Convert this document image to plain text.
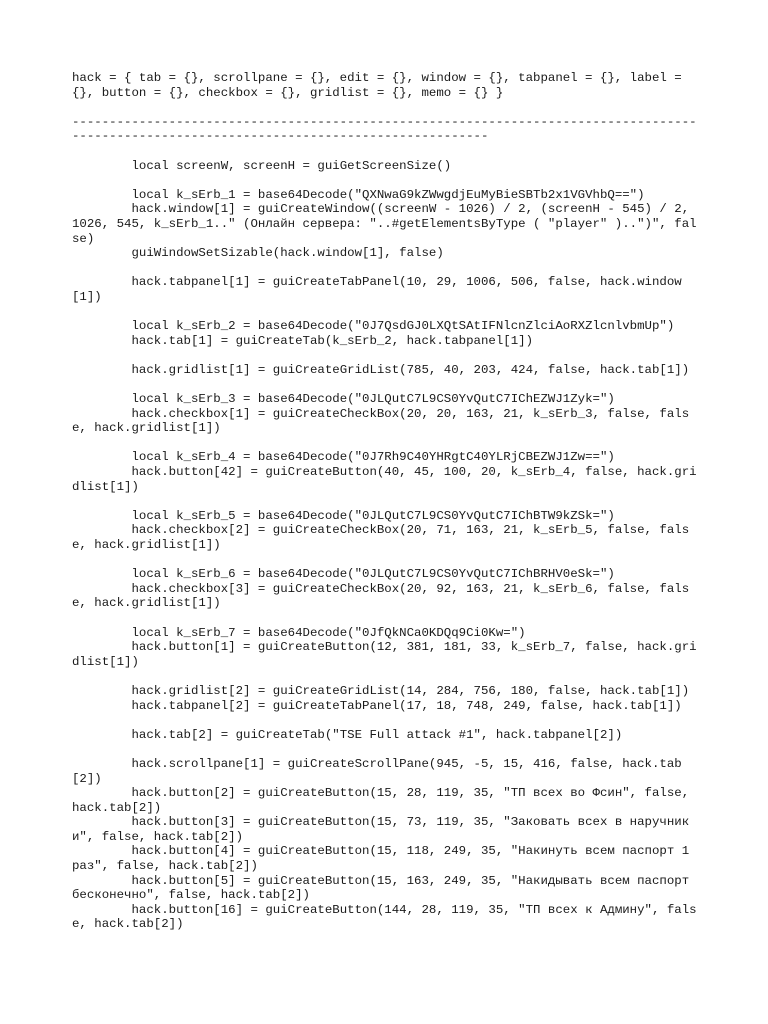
hack = { tab = {}, scrollpane = {}, edit = {}, window = {}, tabpanel = {}, label = {}, button = {}, checkbox = {}, gridlist = {}, memo = {} }

--------------------------------------------------------------------------------------------------------------------------------------------

	local screenW, screenH = guiGetScreenSize()

	local k_sErb_1 = base64Decode("QXNwaG9kZWwgdjEuMyBieSBTb2x1VGVhbQ==")
	hack.window[1] = guiCreateWindow((screenW - 1026) / 2, (screenH - 545) / 2, 1026, 545, k_sErb_1.." (Онлайн сервера: "..#getElementsByType ( "player" )..")", false)
	guiWindowSetSizable(hack.window[1], false)

	hack.tabpanel[1] = guiCreateTabPanel(10, 29, 1006, 506, false, hack.window[1])

	local k_sErb_2 = base64Decode("0J7QsdGJ0LXQtSAtIFNlcnZlciAoRXZlcnlvbmUp")
	hack.tab[1] = guiCreateTab(k_sErb_2, hack.tabpanel[1])

	hack.gridlist[1] = guiCreateGridList(785, 40, 203, 424, false, hack.tab[1])

	local k_sErb_3 = base64Decode("0JLQutC7L9CS0YvQutC7IChEZWJ1Zyk=")
	hack.checkbox[1] = guiCreateCheckBox(20, 20, 163, 21, k_sErb_3, false, false, hack.gridlist[1])

	local k_sErb_4 = base64Decode("0J7Rh9C40YHRgtC40YLRjCBEZWJ1Zw==")
	hack.button[42] = guiCreateButton(40, 45, 100, 20, k_sErb_4, false, hack.gridlist[1])

	local k_sErb_5 = base64Decode("0JLQutC7L9CS0YvQutC7IChBTW9kZSk=")
	hack.checkbox[2] = guiCreateCheckBox(20, 71, 163, 21, k_sErb_5, false, false, hack.gridlist[1])

	local k_sErb_6 = base64Decode("0JLQutC7L9CS0YvQutC7IChBRHV0eSk=")
	hack.checkbox[3] = guiCreateCheckBox(20, 92, 163, 21, k_sErb_6, false, false, hack.gridlist[1])

	local k_sErb_7 = base64Decode("0JfQkNCa0KDQq9Ci0Kw=")
	hack.button[1] = guiCreateButton(12, 381, 181, 33, k_sErb_7, false, hack.gridlist[1])

	hack.gridlist[2] = guiCreateGridList(14, 284, 756, 180, false, hack.tab[1])
	hack.tabpanel[2] = guiCreateTabPanel(17, 18, 748, 249, false, hack.tab[1])

	hack.tab[2] = guiCreateTab("TSE Full attack #1", hack.tabpanel[2])

	hack.scrollpane[1] = guiCreateScrollPane(945, -5, 15, 416, false, hack.tab[2])
	hack.button[2] = guiCreateButton(15, 28, 119, 35, "ТП всех во Фсин", false, hack.tab[2])
	hack.button[3] = guiCreateButton(15, 73, 119, 35, "Заковать всех в наручники", false, hack.tab[2])
	hack.button[4] = guiCreateButton(15, 118, 249, 35, "Накинуть всем паспорт 1 раз", false, hack.tab[2])
	hack.button[5] = guiCreateButton(15, 163, 249, 35, "Накидывать всем паспорт бесконечно", false, hack.tab[2])
	hack.button[16] = guiCreateButton(144, 28, 119, 35, "ТП всех к Админу", false, hack.tab[2])
